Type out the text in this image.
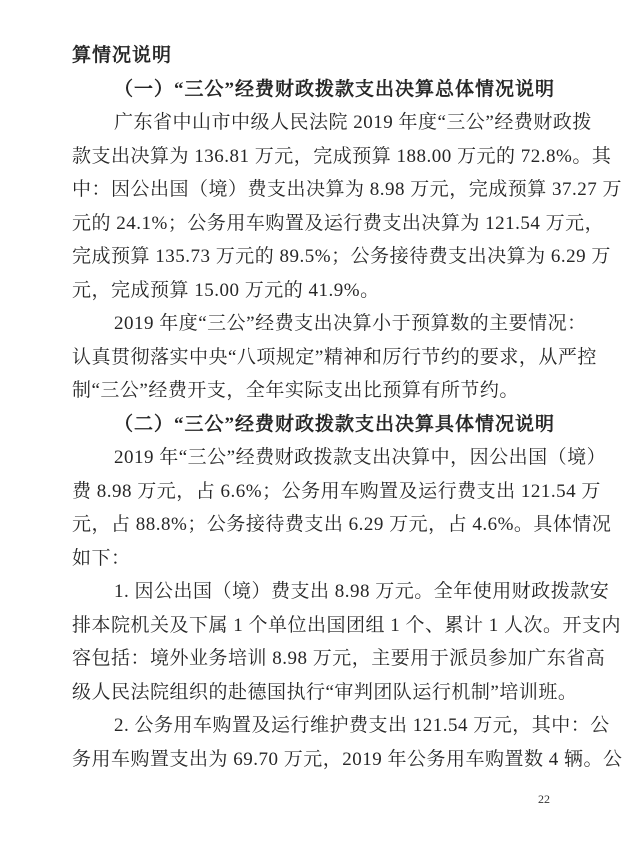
算情况说明
（一）“三公”经费财政拨款支出决算总体情况说明
广东省中山市中级人民法院 2019 年度“三公”经费财政拨
款支出决算为 136.81 万元，完成预算 188.00 万元的 72.8%。其
中：因公出国（境）费支出决算为 8.98 万元，完成预算 37.27 万
元的 24.1%；公务用车购置及运行费支出决算为 121.54 万元，
完成预算 135.73 万元的 89.5%；公务接待费支出决算为 6.29 万
元，完成预算 15.00 万元的 41.9%。
2019 年度“三公”经费支出决算小于预算数的主要情况：
认真贯彻落实中央“八项规定”精神和厉行节约的要求，从严控
制“三公”经费开支，全年实际支出比预算有所节约。
（二）“三公”经费财政拨款支出决算具体情况说明
2019 年“三公”经费财政拨款支出决算中，因公出国（境）
费 8.98 万元，占 6.6%；公务用车购置及运行费支出 121.54 万
元，占 88.8%；公务接待费支出 6.29 万元，占 4.6%。具体情况
如下：
1. 因公出国（境）费支出 8.98 万元。全年使用财政拨款安
排本院机关及下属 1 个单位出国团组 1 个、累计 1 人次。开支内
容包括：境外业务培训 8.98 万元，主要用于派员参加广东省高
级人民法院组织的赴德国执行“审判团队运行机制”培训班。
2. 公务用车购置及运行维护费支出 121.54 万元，其中：公
务用车购置支出为 69.70 万元，2019 年公务用车购置数 4 辆。公
22
